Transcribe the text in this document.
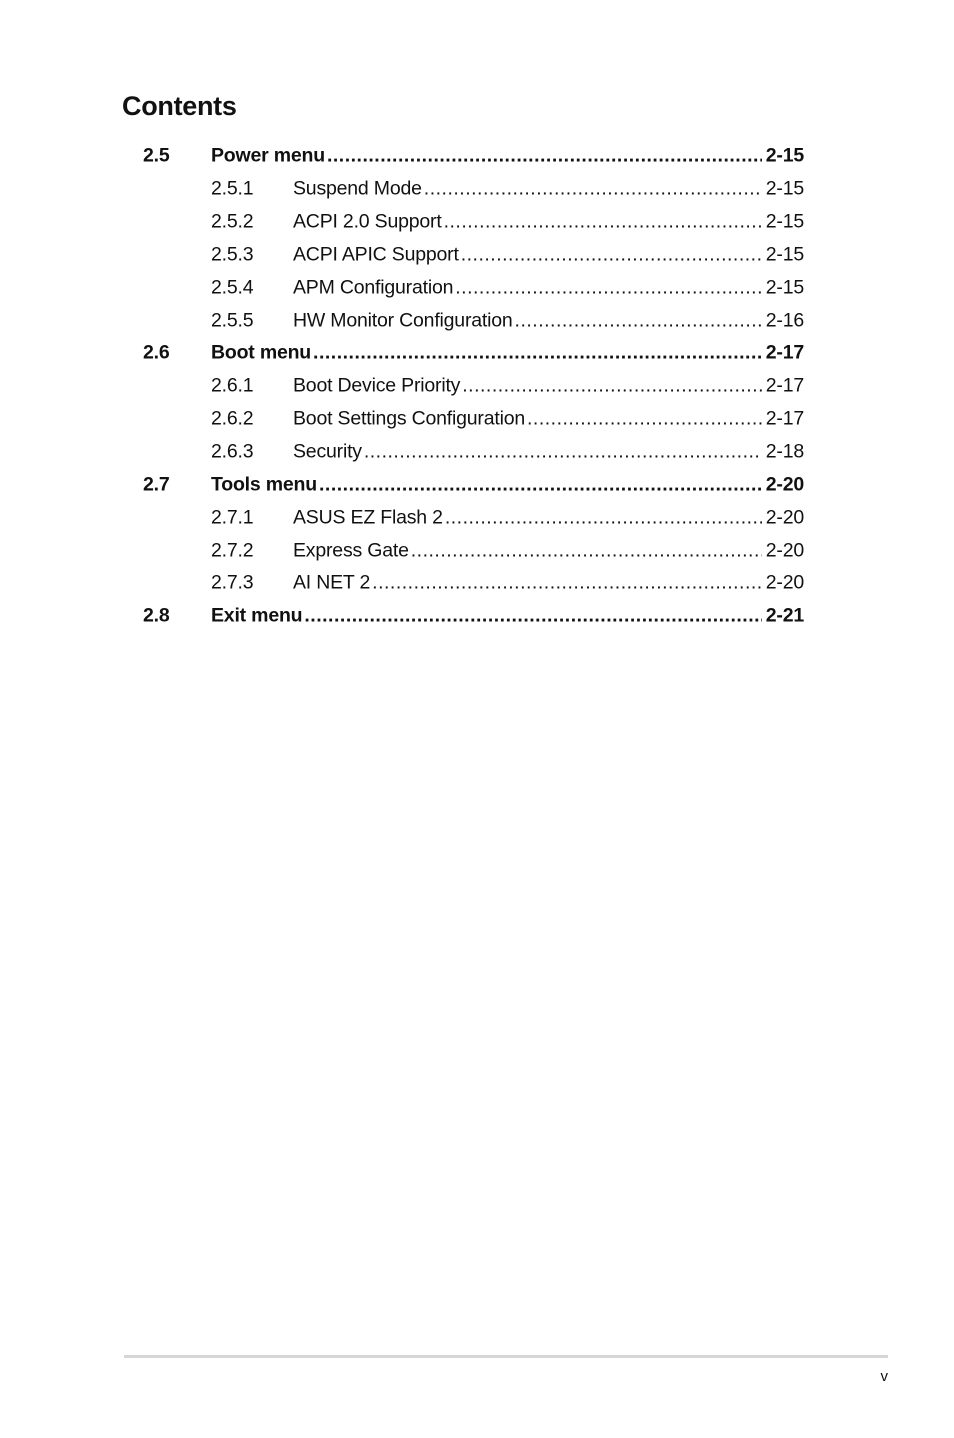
Contents
2.5 Power menu .....	2-15
2.5.1 Suspend Mode .....	2-15
2.5.2 ACPI 2.0 Support .....	2-15
2.5.3 ACPI APIC Support .....	2-15
2.5.4 APM Configuration .....	2-15
2.5.5 HW Monitor Configuration .....	2-16
2.6 Boot menu .....	2-17
2.6.1 Boot Device Priority .....	2-17
2.6.2 Boot Settings Configuration .....	2-17
2.6.3 Security .....	2-18
2.7 Tools menu .....	2-20
2.7.1 ASUS EZ Flash 2 .....	2-20
2.7.2 Express Gate .....	2-20
2.7.3 AI NET 2 .....	2-20
2.8 Exit menu .....	2-21
v
